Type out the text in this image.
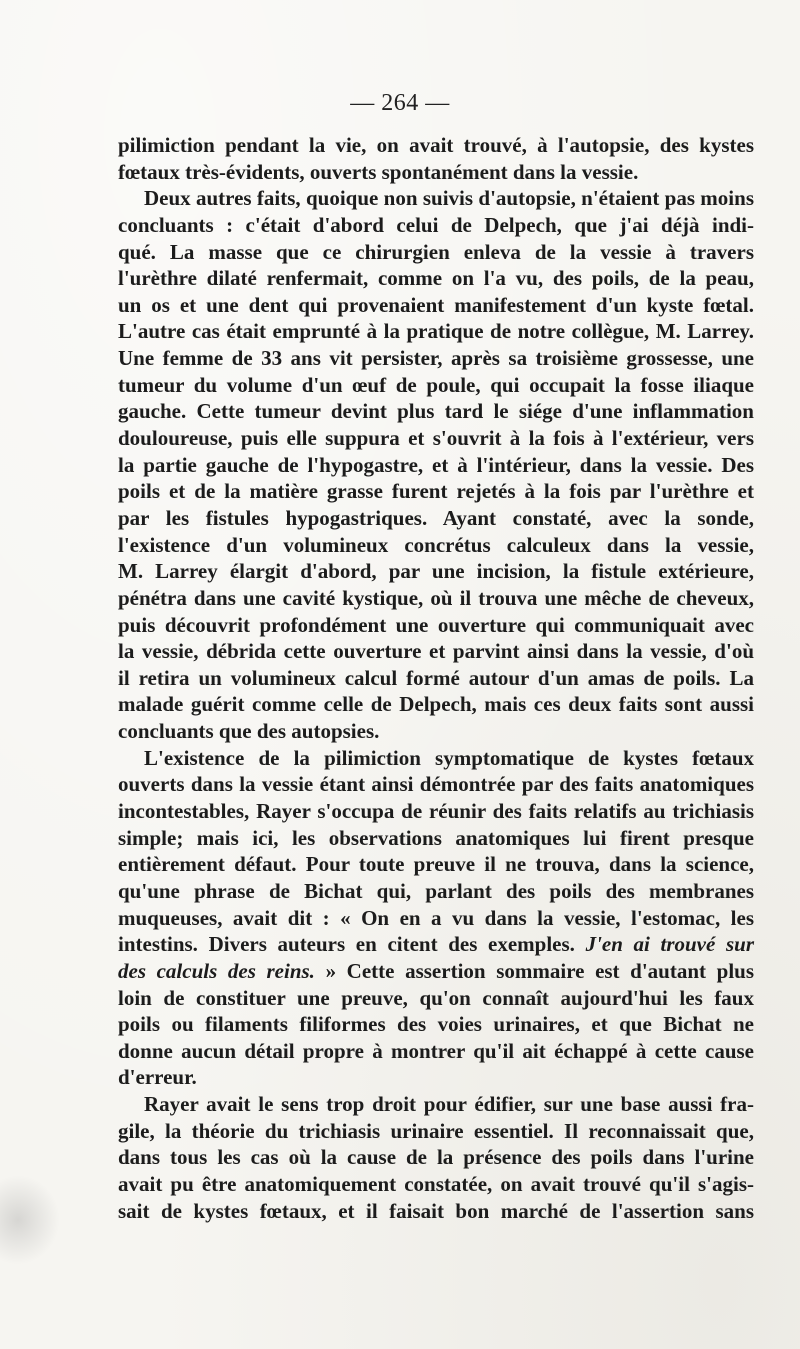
— 264 —
pilimiction pendant la vie, on avait trouvé, à l'autopsie, des kystes
fœtaux très-évidents, ouverts spontanément dans la vessie.
Deux autres faits, quoique non suivis d'autopsie, n'étaient pas moins
concluants : c'était d'abord celui de Delpech, que j'ai déjà indi-
qué. La masse que ce chirurgien enleva de la vessie à travers
l'urèthre dilaté renfermait, comme on l'a vu, des poils, de la peau,
un os et une dent qui provenaient manifestement d'un kyste fœtal.
L'autre cas était emprunté à la pratique de notre collègue, M. Larrey.
Une femme de 33 ans vit persister, après sa troisième grossesse, une
tumeur du volume d'un œuf de poule, qui occupait la fosse iliaque
gauche. Cette tumeur devint plus tard le siége d'une inflammation
douloureuse, puis elle suppura et s'ouvrit à la fois à l'extérieur, vers
la partie gauche de l'hypogastre, et à l'intérieur, dans la vessie. Des
poils et de la matière grasse furent rejetés à la fois par l'urèthre et
par les fistules hypogastriques. Ayant constaté, avec la sonde,
l'existence d'un volumineux concrétus calculeux dans la vessie,
M. Larrey élargit d'abord, par une incision, la fistule extérieure,
pénétra dans une cavité kystique, où il trouva une mêche de cheveux,
puis découvrit profondément une ouverture qui communiquait avec
la vessie, débrida cette ouverture et parvint ainsi dans la vessie, d'où
il retira un volumineux calcul formé autour d'un amas de poils. La
malade guérit comme celle de Delpech, mais ces deux faits sont aussi
concluants que des autopsies.
L'existence de la pilimiction symptomatique de kystes fœtaux
ouverts dans la vessie étant ainsi démontrée par des faits anatomiques
incontestables, Rayer s'occupa de réunir des faits relatifs au trichiasis
simple; mais ici, les observations anatomiques lui firent presque
entièrement défaut. Pour toute preuve il ne trouva, dans la science,
qu'une phrase de Bichat qui, parlant des poils des membranes
muqueuses, avait dit : « On en a vu dans la vessie, l'estomac, les
intestins. Divers auteurs en citent des exemples. J'en ai trouvé sur
des calculs des reins. » Cette assertion sommaire est d'autant plus
loin de constituer une preuve, qu'on connaît aujourd'hui les faux
poils ou filaments filiformes des voies urinaires, et que Bichat ne
donne aucun détail propre à montrer qu'il ait échappé à cette cause
d'erreur.
Rayer avait le sens trop droit pour édifier, sur une base aussi fra-
gile, la théorie du trichiasis urinaire essentiel. Il reconnaissait que,
dans tous les cas où la cause de la présence des poils dans l'urine
avait pu être anatomiquement constatée, on avait trouvé qu'il s'agis-
sait de kystes fœtaux, et il faisait bon marché de l'assertion sans
